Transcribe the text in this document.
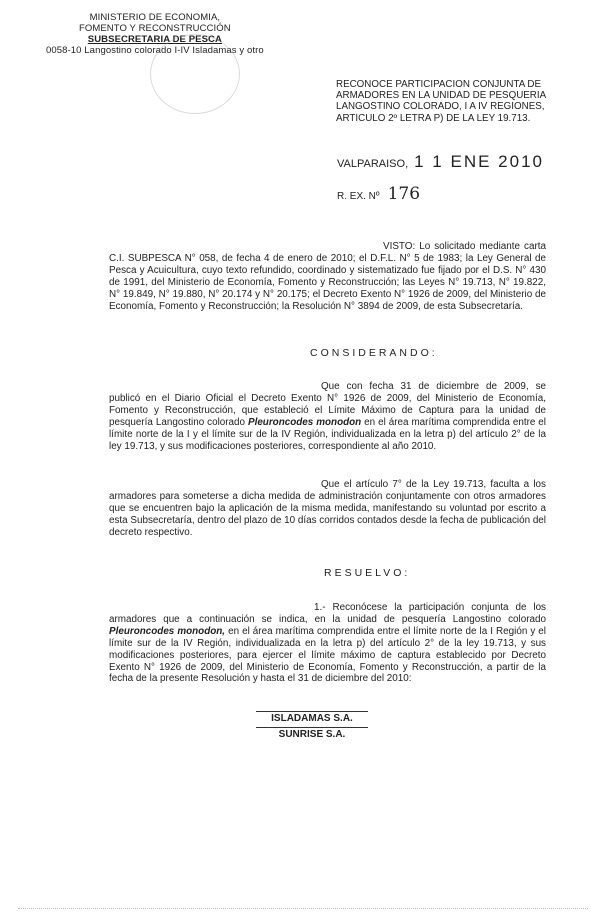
MINISTERIO DE ECONOMIA,
FOMENTO Y RECONSTRUCCIÓN
SUBSECRETARIA DE PESCA
0058-10 Langostino colorado I-IV Isladamas y otro
RECONOCE PARTICIPACION CONJUNTA DE ARMADORES EN LA UNIDAD DE PESQUERIA LANGOSTINO COLORADO, I A IV REGIONES, ARTICULO 2º LETRA P) DE LA LEY 19.713.
VALPARAISO, 1 1 ENE 2010
R. EX. Nº 176
VISTO: Lo solicitado mediante carta C.I. SUBPESCA N° 058, de fecha 4 de enero de 2010; el D.F.L. N° 5 de 1983; la Ley General de Pesca y Acuicultura, cuyo texto refundido, coordinado y sistematizado fue fijado por el D.S. N° 430 de 1991, del Ministerio de Economía, Fomento y Reconstrucción; las Leyes N° 19.713, N° 19.822, N° 19.849, N° 19.880, N° 20.174 y N° 20.175; el Decreto Exento N° 1926 de 2009, del Ministerio de Economía, Fomento y Reconstrucción; la Resolución N° 3894 de 2009, de esta Subsecretaría.
CONSIDERANDO:
Que con fecha 31 de diciembre de 2009, se publicó en el Diario Oficial el Decreto Exento N° 1926 de 2009, del Ministerio de Economía, Fomento y Reconstrucción, que estableció el Límite Máximo de Captura para la unidad de pesquería Langostino colorado Pleuroncodes monodon en el área marítima comprendida entre el límite norte de la I y el límite sur de la IV Región, individualizada en la letra p) del artículo 2° de la ley 19.713, y sus modificaciones posteriores, correspondiente al año 2010.
Que el artículo 7° de la Ley 19.713, faculta a los armadores para someterse a dicha medida de administración conjuntamente con otros armadores que se encuentren bajo la aplicación de la misma medida, manifestando su voluntad por escrito a esta Subsecretaría, dentro del plazo de 10 días corridos contados desde la fecha de publicación del decreto respectivo.
RESUELVO:
1.- Reconócese la participación conjunta de los armadores que a continuación se indica, en la unidad de pesquería Langostino colorado Pleuroncodes monodon, en el área marítima comprendida entre el límite norte de la I Región y el límite sur de la IV Región, individualizada en la letra p) del artículo 2° de la ley 19.713, y sus modificaciones posteriores, para ejercer el límite máximo de captura establecido por Decreto Exento N° 1926 de 2009, del Ministerio de Economía, Fomento y Reconstrucción, a partir de la fecha de la presente Resolución y hasta el 31 de diciembre del 2010:
ISLADAMAS S.A.
SUNRISE S.A.
